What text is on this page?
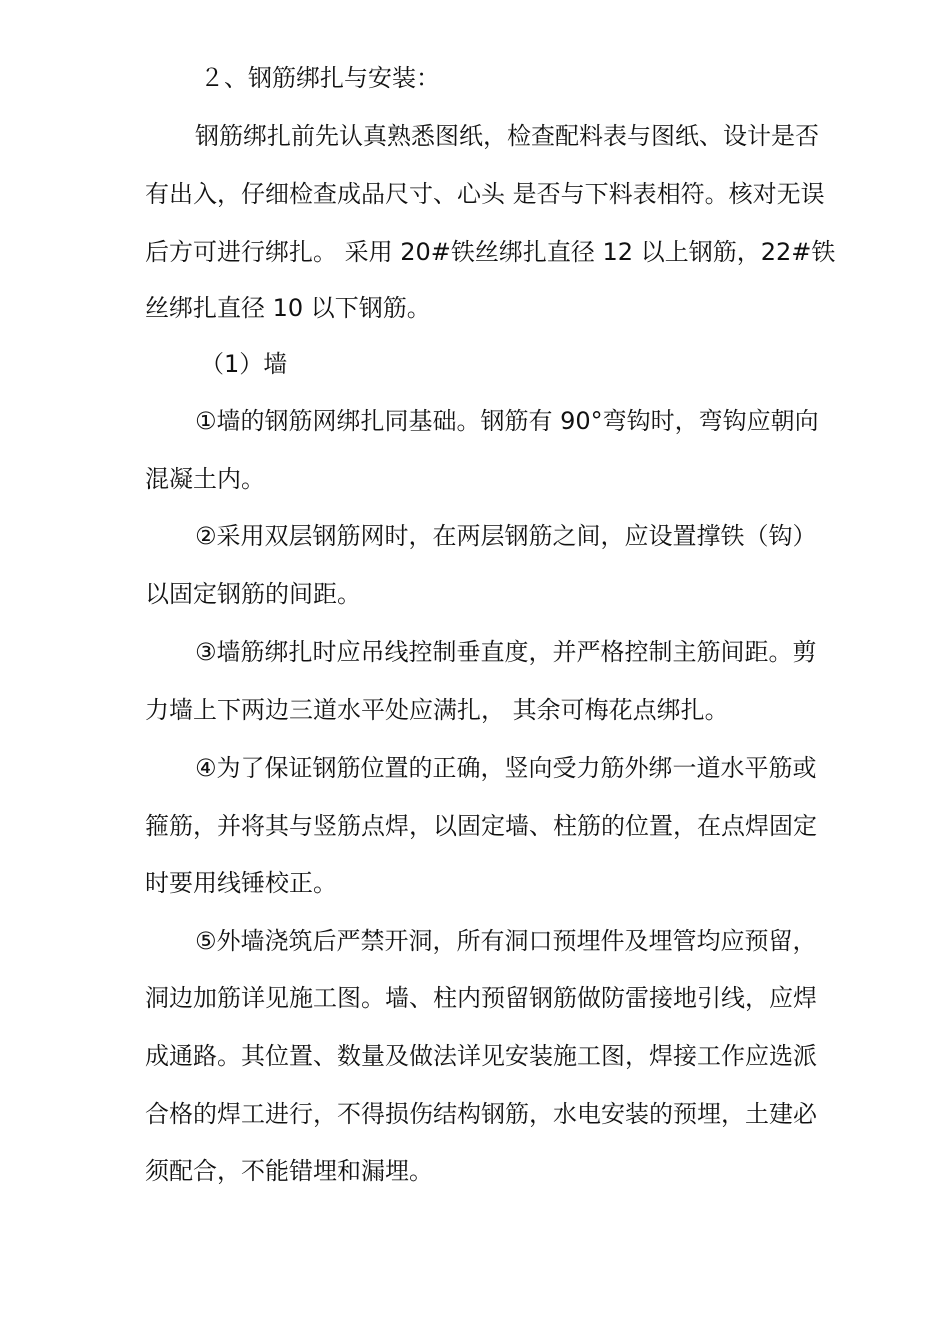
２、钢筋绑扎与安装：
钢筋绑扎前先认真熟悉图纸，检查配料表与图纸、设计是否
有出入，仔细检查成品尺寸、心头 是否与下料表相符。核对无误
后方可进行绑扎。 采用 20#铁丝绑扎直径 12 以上钢筋，22#铁
丝绑扎直径 10 以下钢筋。
（1）墙
①墙的钢筋网绑扎同基础。钢筋有 90°弯钩时，弯钩应朝向
混凝土内。
②采用双层钢筋网时，在两层钢筋之间，应设置撑铁（钩）
以固定钢筋的间距。
③墙筋绑扎时应吊线控制垂直度，并严格控制主筋间距。剪
力墙上下两边三道水平处应满扎， 其余可梅花点绑扎。
④为了保证钢筋位置的正确，竖向受力筋外绑一道水平筋或
箍筋，并将其与竖筋点焊，以固定墙、柱筋的位置，在点焊固定
时要用线锤校正。
⑤外墙浇筑后严禁开洞，所有洞口预埋件及埋管均应预留，
洞边加筋详见施工图。墙、柱内预留钢筋做防雷接地引线，应焊
成通路。其位置、数量及做法详见安装施工图，焊接工作应选派
合格的焊工进行，不得损伤结构钢筋，水电安装的预埋，土建必
须配合，不能错埋和漏埋。
